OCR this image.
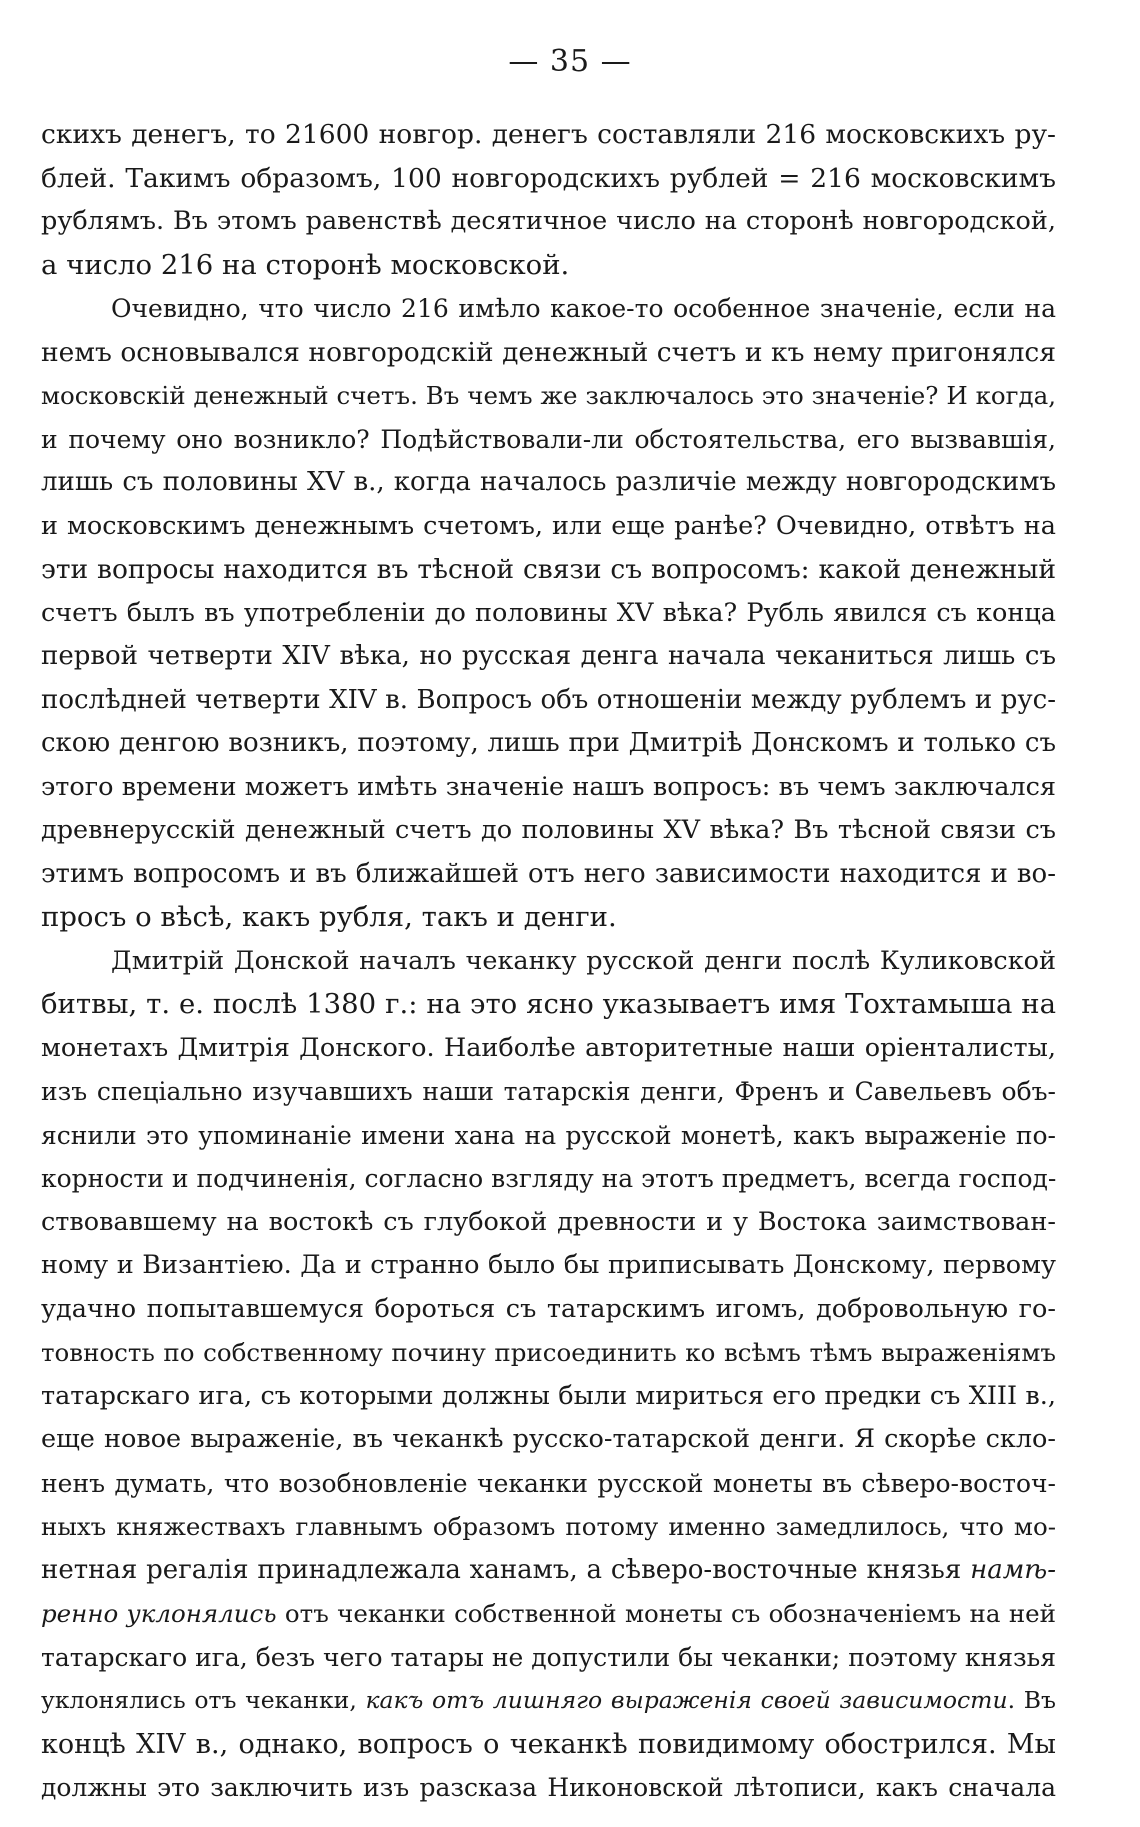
— 35 —
скихъ денегъ, то 21600 новгор. денегъ составляли 216 московскихъ ру-
блей. Такимъ образомъ, 100 новгородскихъ рублей = 216 московскимъ
рублямъ. Въ этомъ равенствѣ десятичное число на сторонѣ новгородской,
а число 216 на сторонѣ московской.
Очевидно, что число 216 имѣло какое-то особенное значеніе, если на
немъ основывался новгородскій денежный счетъ и къ нему пригонялся
московскій денежный счетъ. Въ чемъ же заключалось это значеніе? И когда,
и почему оно возникло? Подѣйствовали-ли обстоятельства, его вызвавшія,
лишь съ половины XV в., когда началось различіе между новгородскимъ
и московскимъ денежнымъ счетомъ, или еще ранѣе? Очевидно, отвѣтъ на
эти вопросы находится въ тѣсной связи съ вопросомъ: какой денежный
счетъ былъ въ употребленіи до половины XV вѣка? Рубль явился съ конца
первой четверти XIV вѣка, но русская денга начала чеканиться лишь съ
послѣдней четверти XIV в. Вопросъ объ отношеніи между рублемъ и рус-
скою денгою возникъ, поэтому, лишь при Дмитріѣ Донскомъ и только съ
этого времени можетъ имѣть значеніе нашъ вопросъ: въ чемъ заключался
древнерусскій денежный счетъ до половины XV вѣка? Въ тѣсной связи съ
этимъ вопросомъ и въ ближайшей отъ него зависимости находится и во-
просъ о вѣсѣ, какъ рубля, такъ и денги.
Дмитрій Донской началъ чеканку русской денги послѣ Куликовской
битвы, т. е. послѣ 1380 г.: на это ясно указываетъ имя Тохтамыша на
монетахъ Дмитрія Донского. Наиболѣе авторитетные наши оріенталисты,
изъ спеціально изучавшихъ наши татарскія денги, Френъ и Савельевъ объ-
яснили это упоминаніе имени хана на русской монетѣ, какъ выраженіе по-
корности и подчиненія, согласно взгляду на этотъ предметъ, всегда господ-
ствовавшему на востокѣ съ глубокой древности и у Востока заимствован-
ному и Византіею. Да и странно было бы приписывать Донскому, первому
удачно попытавшемуся бороться съ татарскимъ игомъ, добровольную го-
товность по собственному почину присоединить ко всѣмъ тѣмъ выраженіямъ
татарскаго ига, съ которыми должны были мириться его предки съ XIII в.,
еще новое выраженіе, въ чеканкѣ русско-татарской денги. Я скорѣе скло-
ненъ думать, что возобновленіе чеканки русской монеты въ сѣверо-восточ-
ныхъ княжествахъ главнымъ образомъ потому именно замедлилось, что мо-
нетная регалія принадлежала ханамъ, а сѣверо-восточные князья намѣ-
ренно уклонялись отъ чеканки собственной монеты съ обозначеніемъ на ней
татарскаго ига, безъ чего татары не допустили бы чеканки; поэтому князья
уклонялись отъ чеканки, какъ отъ лишняго выраженія своей зависимости. Въ
концѣ XIV в., однако, вопросъ о чеканкѣ повидимому обострился. Мы
должны это заключить изъ разсказа Никоновской лѣтописи, какъ сначала
